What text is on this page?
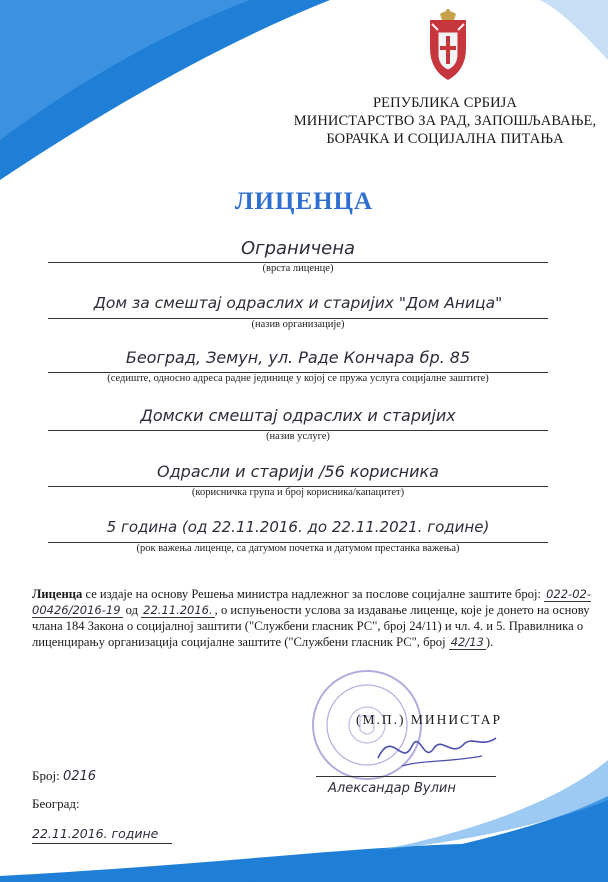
РЕПУБЛИКА СРБИЈА
МИНИСТАРСТВО ЗА РАД, ЗАПОШЉАВАЊЕ,
БОРАЧКА И СОЦИЈАЛНА ПИТАЊА
ЛИЦЕНЦА
Ограничена
(врста лиценце)
Дом за смештај одраслих и старијих "Дом Аница"
(назив организације)
Београд, Земун, ул. Раде Кончара бр. 85
(седиште, односно адреса радне јединице у којој се пружа услуга социјалне заштите)
Домски смештај одраслих и старијих
(назив услуге)
Одрасли и старији /56 корисника
(корисничка група и број корисника/капацитет)
5 година (од 22.11.2016. до 22.11.2021. године)
(рок важења лиценце, са датумом почетка и датумом престанка важења)
Лиценца се издаје на основу Решења министра надлежног за послове социјалне заштите број: 022-02-00426/2016-19 од 22.11.2016. , о испуњености услова за издавање лиценце, које је донето на основу члана 184 Закона о социјалној заштити ("Службени гласник РС", број 24/11) и чл. 4. и 5. Правилника о лиценцирању организација социјалне заштите ("Службени гласник РС", број 42/13 ).
(М.П.) МИНИСТАР
Александар Вулин
Број: 0216
Београд:
22.11.2016. године
